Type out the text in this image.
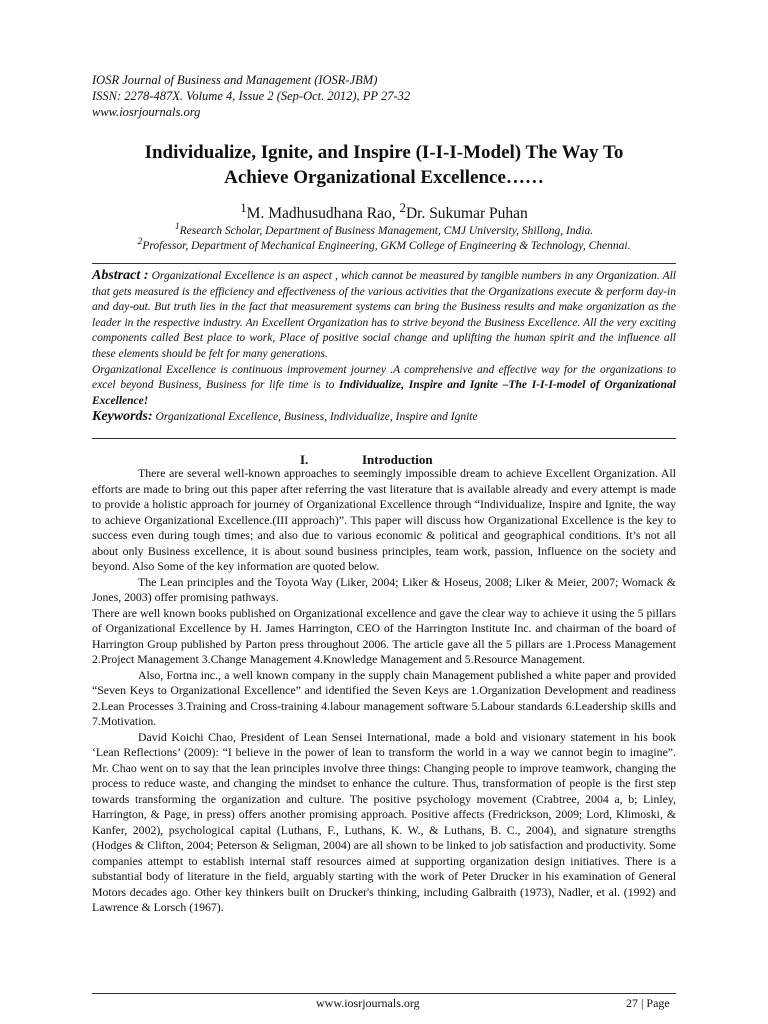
IOSR Journal of Business and Management (IOSR-JBM)
ISSN: 2278-487X. Volume 4, Issue 2 (Sep-Oct. 2012), PP 27-32
www.iosrjournals.org
Individualize, Ignite, and Inspire (I-I-I-Model) The Way To
Achieve Organizational Excellence……
$^1$M. Madhusudhana Rao, $^2$Dr. Sukumar Puhan
$^1$Research Scholar, Department of Business Management, CMJ University, Shillong, India.
$^2$Professor, Department of Mechanical Engineering, GKM College of Engineering & Technology, Chennai.

Abstract : Organizational Excellence is an aspect , which cannot be measured by tangible numbers in any Organization. All that gets measured is the efficiency and effectiveness of the various activities that the Organizations execute & perform day-in and day-out. But truth lies in the fact that measurement systems can bring the Business results and make organization as the leader in the respective industry. An Excellent Organization has to strive beyond the Business Excellence. All the very exciting components called Best place to work, Place of positive social change and uplifting the human spirit and the influence all these elements should be felt for many generations.

Organizational Excellence is continuous improvement journey .A comprehensive and effective way for the organizations to excel beyond Business, Business for life time is to Individualize, Inspire and Ignite –The I-I-I-model of Organizational Excellence!

Keywords: Organizational Excellence, Business, Individualize, Inspire and Ignite

I.	Introduction

There are several well-known approaches to seemingly impossible dream to achieve Excellent Organization. All efforts are made to bring out this paper after referring the vast literature that is available already and every attempt is made to provide a holistic approach for journey of Organizational Excellence through “Individualize, Inspire and Ignite, the way to achieve Organizational Excellence.(III approach)”. This paper will discuss how Organizational Excellence is the key to success even during tough times; and also due to various economic & political and geographical conditions. It’s not all about only Business excellence, it is about sound business principles, team work, passion, Influence on the society and beyond. Also Some of the key information are quoted below.

The Lean principles and the Toyota Way (Liker, 2004; Liker & Hoseus, 2008; Liker & Meier, 2007; Womack & Jones, 2003) offer promising pathways.

There are well known books published on Organizational excellence and gave the clear way to achieve it using the 5 pillars of Organizational Excellence by H. James Harrington, CEO of the Harrington Institute Inc. and chairman of the board of Harrington Group published by Parton press throughout 2006. The article gave all the 5 pillars are 1.Process Management 2.Project Management 3.Change Management 4.Knowledge Management and 5.Resource Management.

Also, Fortna inc., a well known company in the supply chain Management published a white paper and provided “Seven Keys to Organizational Excellence” and identified the Seven Keys are 1.Organization Development and readiness 2.Lean Processes 3.Training and Cross-training 4.labour management software 5.Labour standards 6.Leadership skills and 7.Motivation.

David Koichi Chao, President of Lean Sensei International, made a bold and visionary statement in his book ‘Lean Reflections’ (2009): “I believe in the power of lean to transform the world in a way we cannot begin to imagine”. Mr. Chao went on to say that the lean principles involve three things: Changing people to improve teamwork, changing the process to reduce waste, and changing the mindset to enhance the culture. Thus, transformation of people is the first step towards transforming the organization and culture. The positive psychology movement (Crabtree, 2004 a, b; Linley, Harrington, & Page, in press) offers another promising approach. Positive affects (Fredrickson, 2009; Lord, Klimoski, & Kanfer, 2002), psychological capital (Luthans, F., Luthans, K. W., & Luthans, B. C., 2004), and signature strengths (Hodges & Clifton, 2004; Peterson & Seligman, 2004) are all shown to be linked to job satisfaction and productivity. Some companies attempt to establish internal staff resources aimed at supporting organization design initiatives. There is a substantial body of literature in the field, arguably starting with the work of Peter Drucker in his examination of General Motors decades ago. Other key thinkers built on Drucker's thinking, including Galbraith (1973), Nadler, et al. (1992) and Lawrence & Lorsch (1967).

www.iosrjournals.org	27 | Page
